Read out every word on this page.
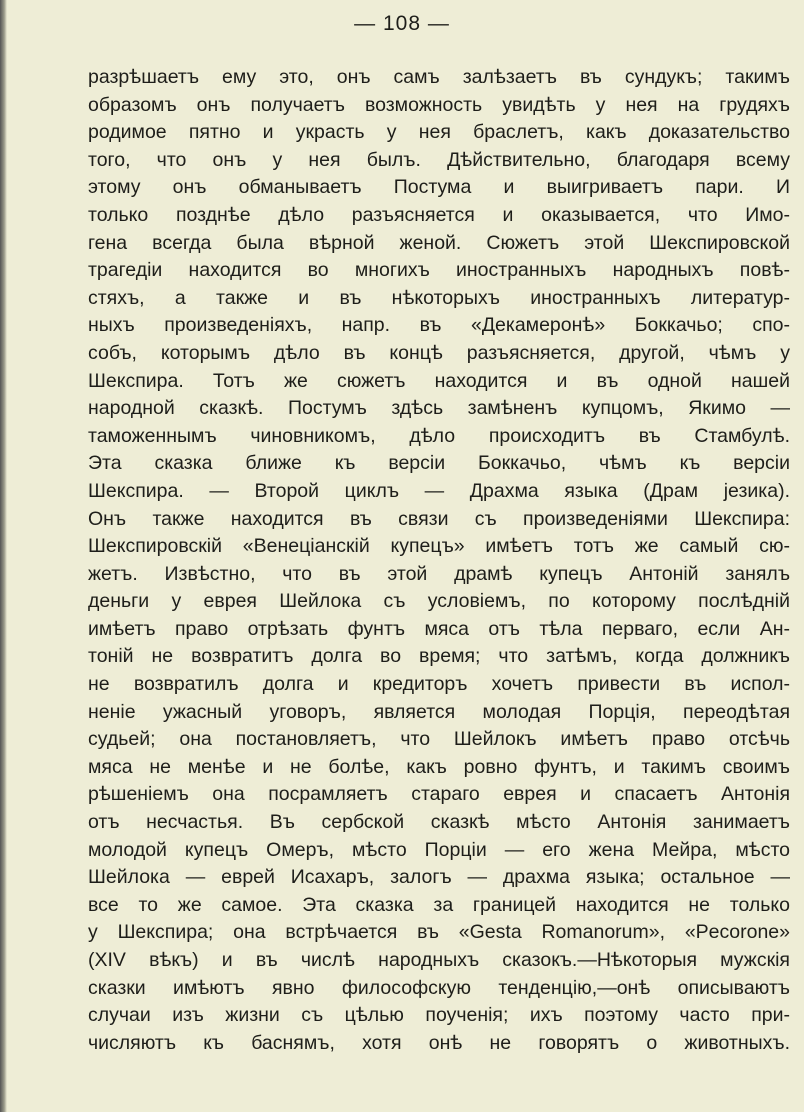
— 108 —
разрѣшаетъ ему это, онъ самъ залѣзаетъ въ сундукъ; такимъ
образомъ онъ получаетъ возможность увидѣть у нея на грудяхъ
родимое пятно и украсть у нея браслетъ, какъ доказательство
того, что онъ у нея былъ. Дѣйствительно, благодаря всему
этому онъ обманываетъ Постума и выигриваетъ пари. И
только позднѣе дѣло разъясняется и оказывается, что Имо-
гена всегда была вѣрной женой. Сюжетъ этой Шекспировской
трагедіи находится во многихъ иностранныхъ народныхъ повѣ-
стяхъ, а также и въ нѣкоторыхъ иностранныхъ литератур-
ныхъ произведеніяхъ, напр. въ «Декамеронѣ» Боккачьо; спо-
собъ, которымъ дѣло въ концѣ разъясняется, другой, чѣмъ у
Шекспира. Тотъ же сюжетъ находится и въ одной нашей
народной сказкѣ. Постумъ здѣсь замѣненъ купцомъ, Якимо —
таможеннымъ чиновникомъ, дѣло происходитъ въ Стамбулѣ.
Эта сказка ближе къ версіи Боккачьо, чѣмъ къ версіи
Шекспира. — Второй циклъ — Драхма языка (Драм језика).
Онъ также находится въ связи съ произведеніями Шекспира:
Шекспировскій «Венеціанскій купецъ» имѣетъ тотъ же самый сю-
жетъ. Извѣстно, что въ этой драмѣ купецъ Антоній занялъ
деньги у еврея Шейлока съ условіемъ, по которому послѣдній
имѣетъ право отрѣзать фунтъ мяса отъ тѣла перваго, если Ан-
тоній не возвратитъ долга во время; что затѣмъ, когда должникъ
не возвратилъ долга и кредиторъ хочетъ привести въ испол-
неніе ужасный уговоръ, является молодая Порція, переодѣтая
судьей; она постановляетъ, что Шейлокъ имѣетъ право отсѣчь
мяса не менѣе и не болѣе, какъ ровно фунтъ, и такимъ своимъ
рѣшеніемъ она посрамляетъ стараго еврея и спасаетъ Антонія
отъ несчастья. Въ сербской сказкѣ мѣсто Антонія занимаетъ
молодой купецъ Омеръ, мѣсто Порціи — его жена Мейра, мѣсто
Шейлока — еврей Исахаръ, залогъ — драхма языка; остальное —
все то же самое. Эта сказка за границей находится не только
у Шекспира; она встрѣчается въ «Gesta Romanorum», «Pecorone»
(XIV вѣкъ) и въ числѣ народныхъ сказокъ.—Нѣкоторыя мужскія
сказки имѣютъ явно философскую тенденцію,—онѣ описываютъ
случаи изъ жизни съ цѣлью поученія; ихъ поэтому часто при-
числяютъ къ баснямъ, хотя онѣ не говорятъ о животныхъ.
